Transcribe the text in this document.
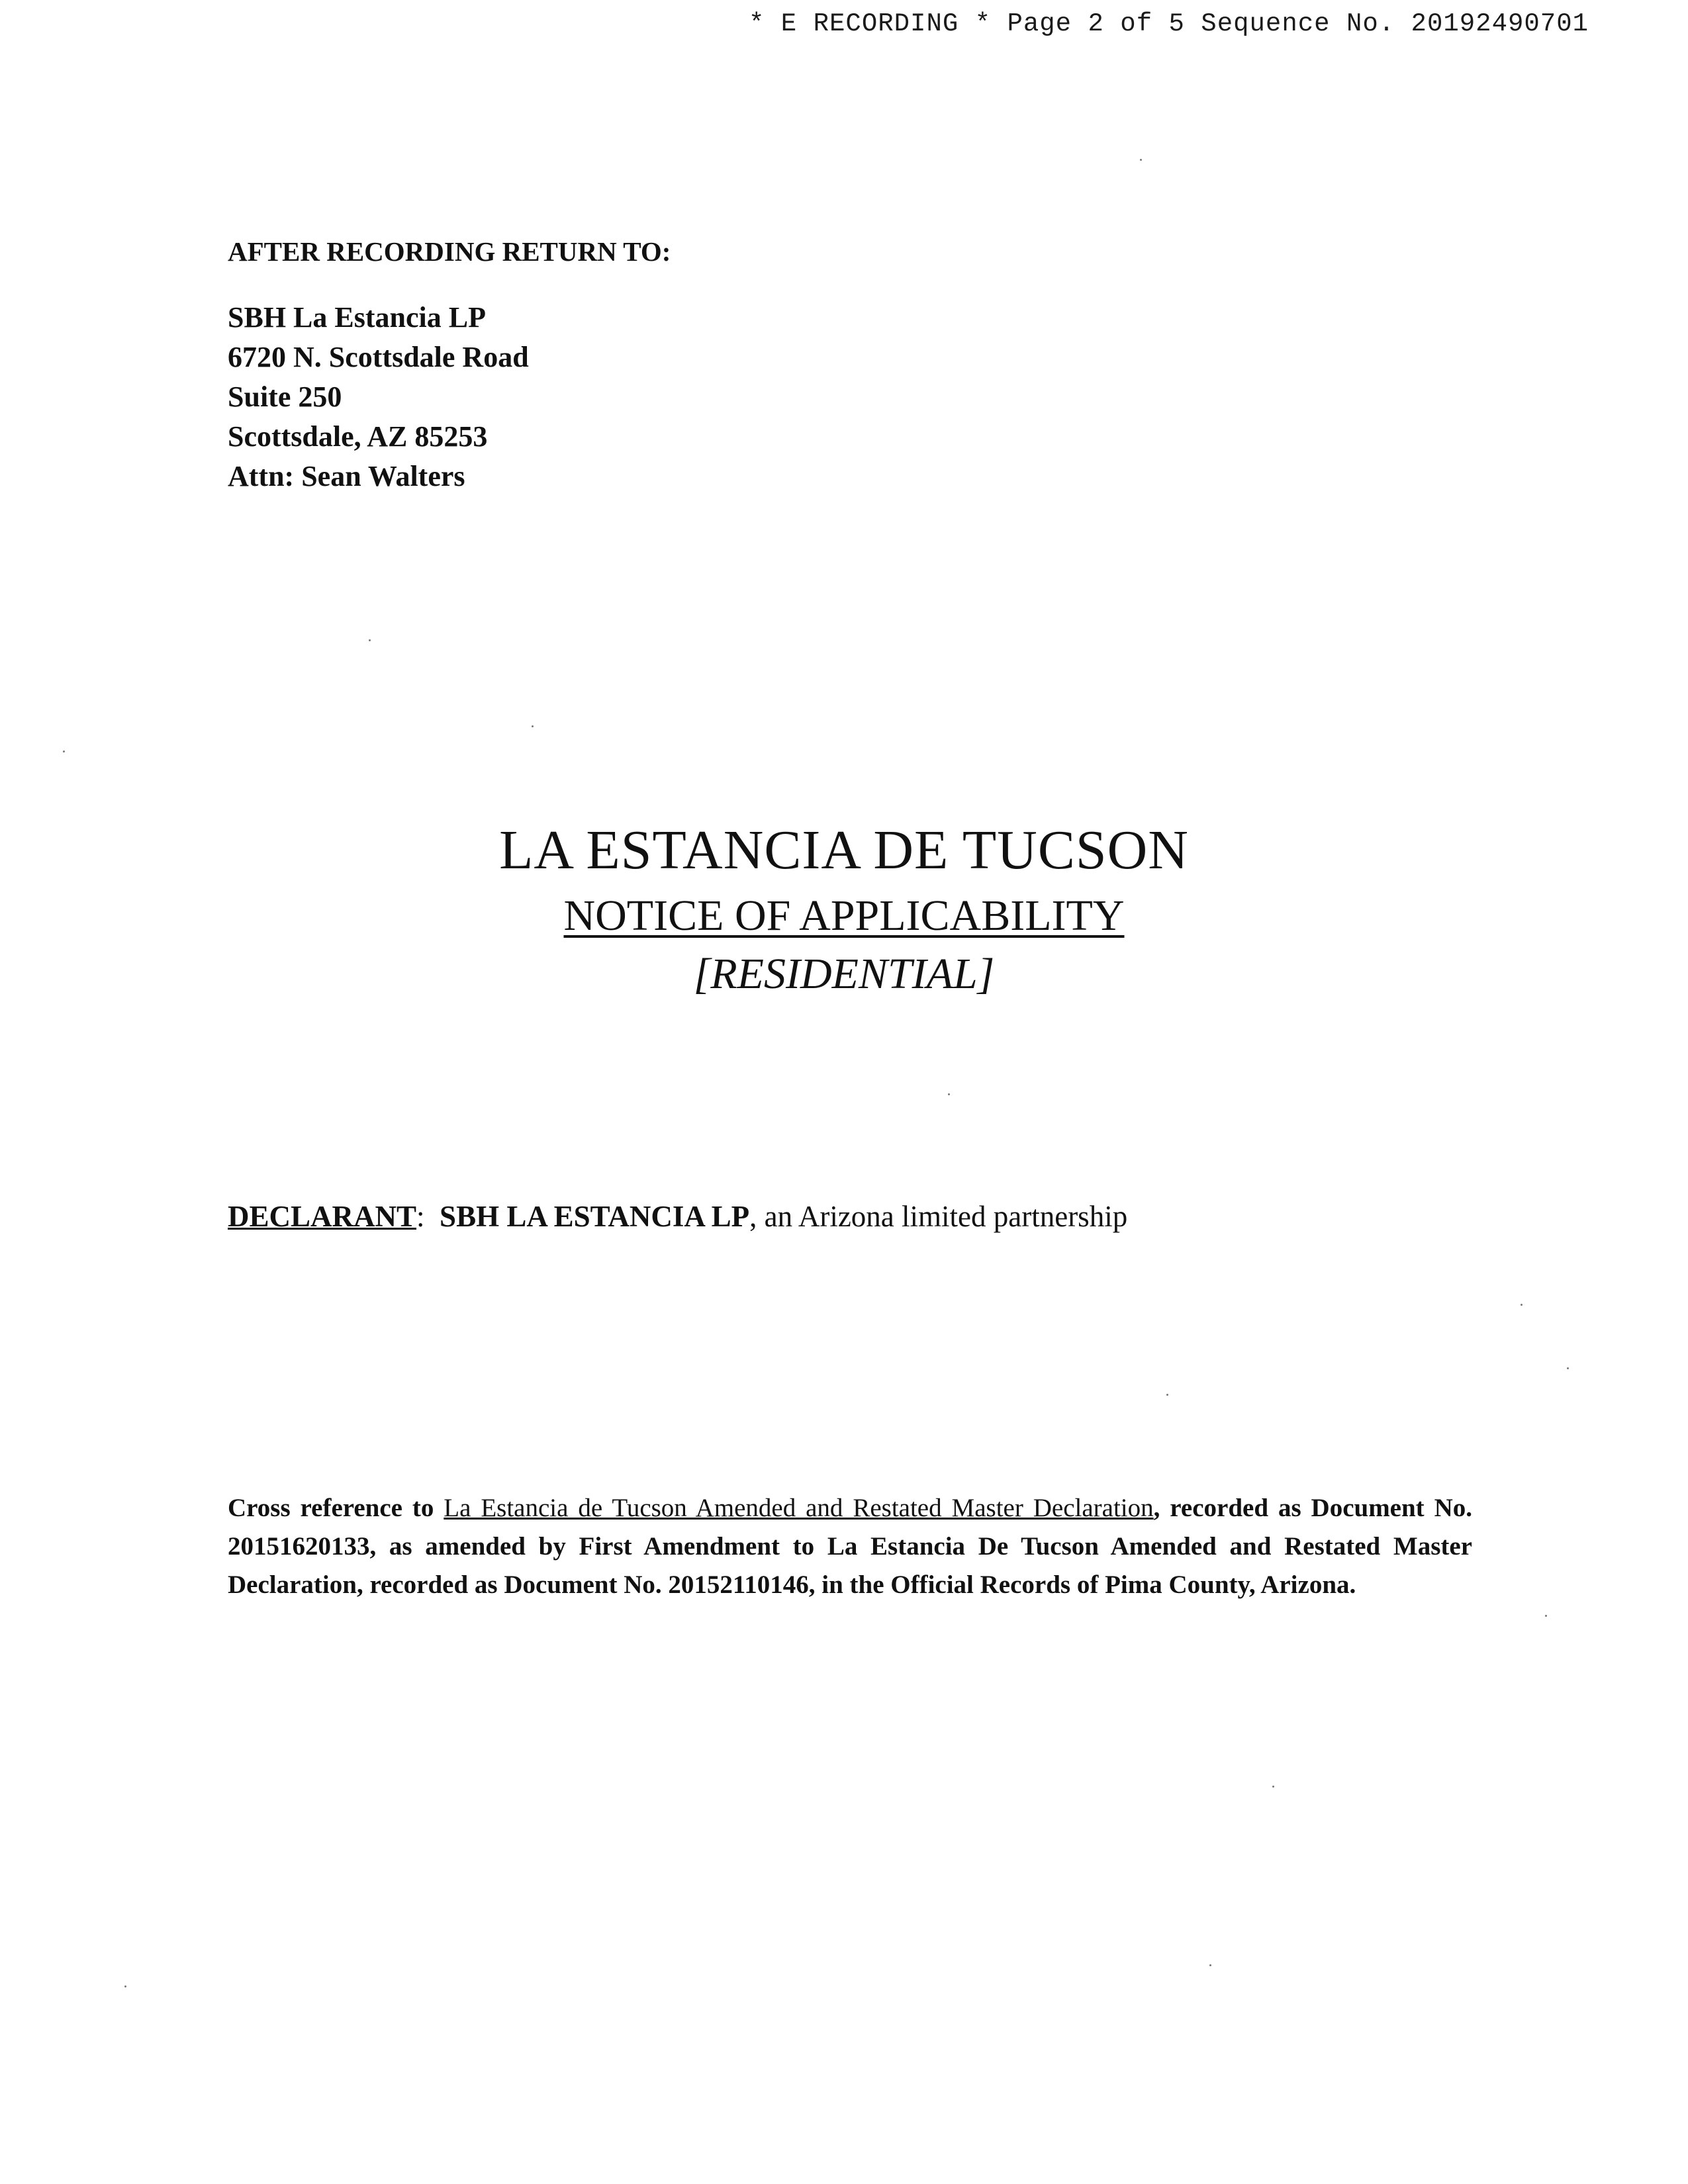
* E RECORDING * Page 2 of 5 Sequence No. 20192490701
AFTER RECORDING RETURN TO:
SBH La Estancia LP
6720 N. Scottsdale Road
Suite 250
Scottsdale, AZ 85253
Attn: Sean Walters
LA ESTANCIA DE TUCSON
NOTICE OF APPLICABILITY
[RESIDENTIAL]
DECLARANT: SBH LA ESTANCIA LP, an Arizona limited partnership
Cross reference to La Estancia de Tucson Amended and Restated Master Declaration, recorded as Document No. 20151620133, as amended by First Amendment to La Estancia De Tucson Amended and Restated Master Declaration, recorded as Document No. 20152110146, in the Official Records of Pima County, Arizona.
